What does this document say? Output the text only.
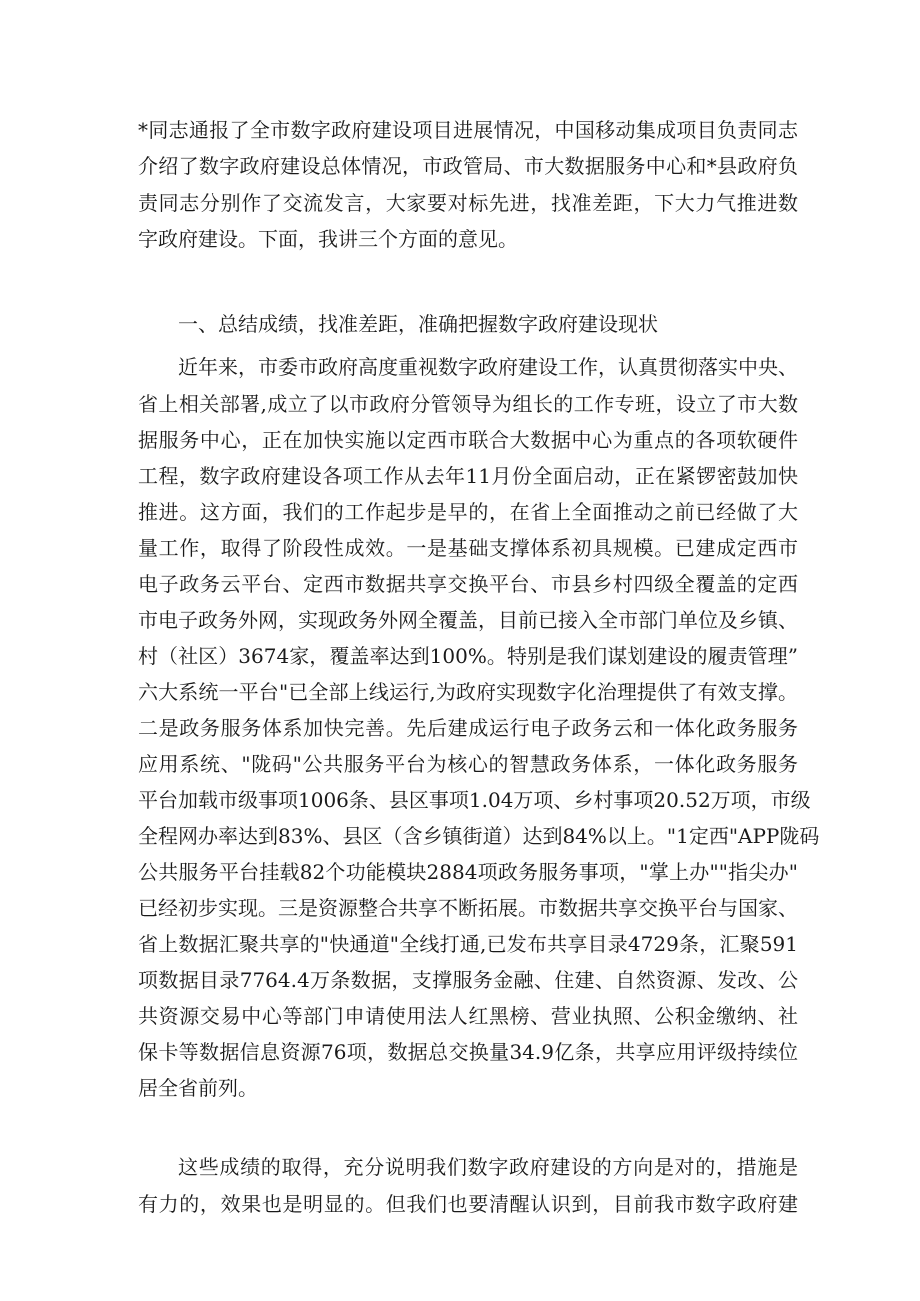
*同志通报了全市数字政府建设项目进展情况，中国移动集成项目负责同志
介绍了数字政府建设总体情况，市政管局、市大数据服务中心和*县政府负
责同志分别作了交流发言，大家要对标先进，找准差距，下大力气推进数
字政府建设。下面，我讲三个方面的意见。
一、总结成绩，找准差距，准确把握数字政府建设现状
近年来，市委市政府高度重视数字政府建设工作，认真贯彻落实中央、
省上相关部署,成立了以市政府分管领导为组长的工作专班，设立了市大数
据服务中心，正在加快实施以定西市联合大数据中心为重点的各项软硬件
工程，数字政府建设各项工作从去年11月份全面启动，正在紧锣密鼓加快
推进。这方面，我们的工作起步是早的，在省上全面推动之前已经做了大
量工作，取得了阶段性成效。一是基础支撑体系初具规模。已建成定西市
电子政务云平台、定西市数据共享交换平台、市县乡村四级全覆盖的定西
市电子政务外网，实现政务外网全覆盖，目前已接入全市部门单位及乡镇、
村（社区）3674家，覆盖率达到100%。特别是我们谋划建设的履责管理”
六大系统一平台"已全部上线运行,为政府实现数字化治理提供了有效支撑。
二是政务服务体系加快完善。先后建成运行电子政务云和一体化政务服务
应用系统、"陇码"公共服务平台为核心的智慧政务体系，一体化政务服务
平台加载市级事项1006条、县区事项1.04万项、乡村事项20.52万项，市级
全程网办率达到83%、县区（含乡镇街道）达到84%以上。"1定西"APP陇码
公共服务平台挂载82个功能模块2884项政务服务事项，"掌上办""指尖办"
已经初步实现。三是资源整合共享不断拓展。市数据共享交换平台与国家、
省上数据汇聚共享的"快通道"全线打通,已发布共享目录4729条，汇聚591
项数据目录7764.4万条数据，支撑服务金融、住建、自然资源、发改、公
共资源交易中心等部门申请使用法人红黑榜、营业执照、公积金缴纳、社
保卡等数据信息资源76项，数据总交换量34.9亿条，共享应用评级持续位
居全省前列。
这些成绩的取得，充分说明我们数字政府建设的方向是对的，措施是
有力的，效果也是明显的。但我们也要清醒认识到，目前我市数字政府建
